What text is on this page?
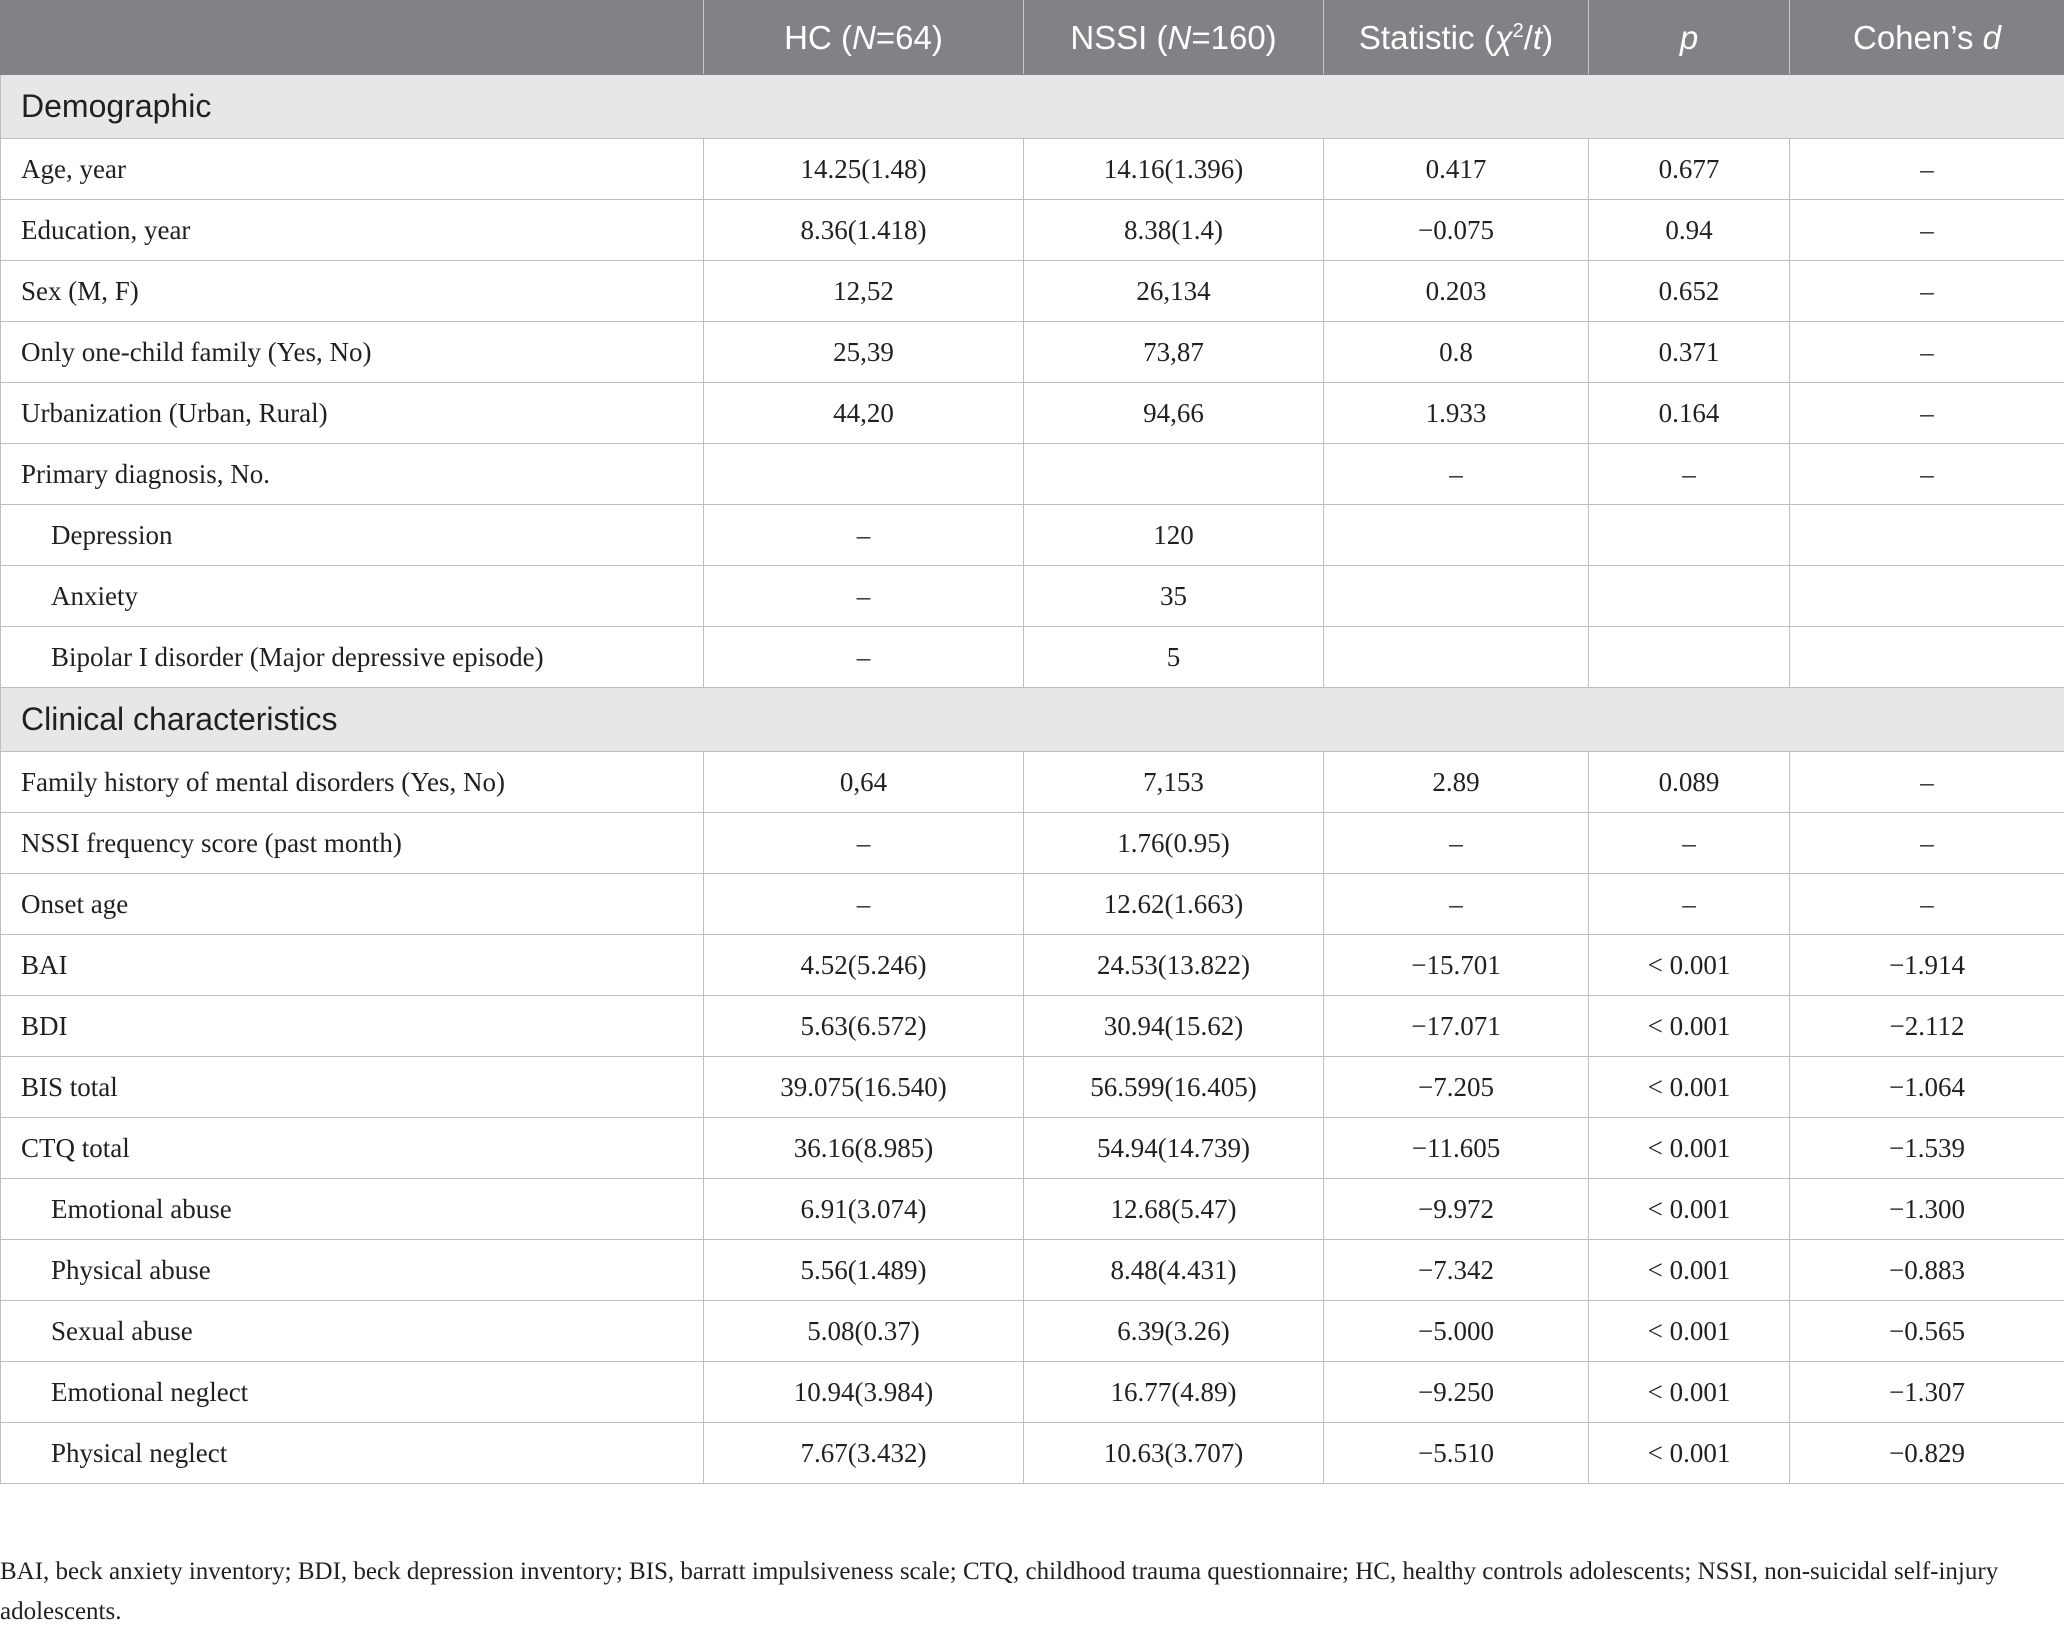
	HC (N=64)	NSSI (N=160)	Statistic $(\chi^2/t)$	p	Cohen’s d
Demographic					
Age, year	14.25(1.48)	14.16(1.396)	0.417	0.677	–
Education, year	8.36(1.418)	8.38(1.4)	−0.075	0.94	–
Sex (M, F)	12,52	26,134	0.203	0.652	–
Only one-child family (Yes, No)	25,39	73,87	0.8	0.371	–
Urbanization (Urban, Rural)	44,20	94,66	1.933	0.164	–
Primary diagnosis, No.			–	–	–
Depression	–	120			
Anxiety	–	35			
Bipolar I disorder (Major depressive episode)	–	5			
Clinical characteristics					
Family history of mental disorders (Yes, No)	0,64	7,153	2.89	0.089	–
NSSI frequency score (past month)	–	1.76(0.95)	–	–	–
Onset age	–	12.62(1.663)	–	–	–
BAI	4.52(5.246)	24.53(13.822)	−15.701	< 0.001	−1.914
BDI	5.63(6.572)	30.94(15.62)	−17.071	< 0.001	−2.112
BIS total	39.075(16.540)	56.599(16.405)	−7.205	< 0.001	−1.064
CTQ total	36.16(8.985)	54.94(14.739)	−11.605	< 0.001	−1.539
Emotional abuse	6.91(3.074)	12.68(5.47)	−9.972	< 0.001	−1.300
Physical abuse	5.56(1.489)	8.48(4.431)	−7.342	< 0.001	−0.883
Sexual abuse	5.08(0.37)	6.39(3.26)	−5.000	< 0.001	−0.565
Emotional neglect	10.94(3.984)	16.77(4.89)	−9.250	< 0.001	−1.307
Physical neglect	7.67(3.432)	10.63(3.707)	−5.510	< 0.001	−0.829
BAI, beck anxiety inventory; BDI, beck depression inventory; BIS, barratt impulsiveness scale; CTQ, childhood trauma questionnaire; HC, healthy controls adolescents; NSSI, non-suicidal self-injury adolescents.
